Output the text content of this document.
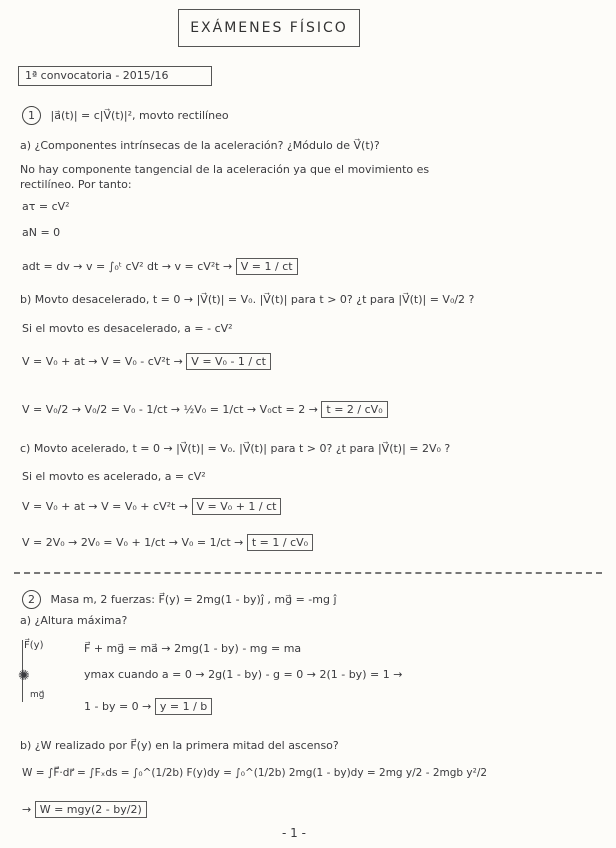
EXÁMENES FÍSICO
1ª convocatoria - 2015/16
1 |a⃗(t)| = c|V⃗(t)|², movto rectilíneo
a) ¿Componentes intrínsecas de la aceleración? ¿Módulo de V⃗(t)?
No hay componente tangencial de la aceleración ya que el movimiento es
rectilíneo. Por tanto:
aτ = cV²
aN = 0
adt = dv → v = ∫₀ᵗ cV² dt → v = cV²t → V = 1 / ct
b) Movto desacelerado, t = 0 → |V⃗(t)| = V₀. |V⃗(t)| para t > 0? ¿t para |V⃗(t)| = V₀/2 ?
Si el movto es desacelerado, a = - cV²
V = V₀ + at → V = V₀ - cV²t → V = V₀ - 1 / ct
V = V₀/2 → V₀/2 = V₀ - 1/ct → ½V₀ = 1/ct → V₀ct = 2 → t = 2 / cV₀
c) Movto acelerado, t = 0 → |V⃗(t)| = V₀. |V⃗(t)| para t > 0? ¿t para |V⃗(t)| = 2V₀ ?
Si el movto es acelerado, a = cV²
V = V₀ + at → V = V₀ + cV²t → V = V₀ + 1 / ct
V = 2V₀ → 2V₀ = V₀ + 1/ct → V₀ = 1/ct → t = 1 / cV₀
2 Masa m, 2 fuerzas: F⃗(y) = 2mg(1 - by)ĵ , mg⃗ = -mg ĵ
a) ¿Altura máxima?
F⃗(y)
✺
mg⃗
F⃗ + mg⃗ = ma⃗ → 2mg(1 - by) - mg = ma
ymax cuando a = 0 → 2g(1 - by) - g = 0 → 2(1 - by) = 1 →
1 - by = 0 → y = 1 / b
b) ¿W realizado por F⃗(y) en la primera mitad del ascenso?
W = ∫F⃗·dr⃗ = ∫Fₓds = ∫₀^(1/2b) F(y)dy = ∫₀^(1/2b) 2mg(1 - by)dy = 2mg y/2 - 2mgb y²/2
→ W = mgy(2 - by/2)
- 1 -
